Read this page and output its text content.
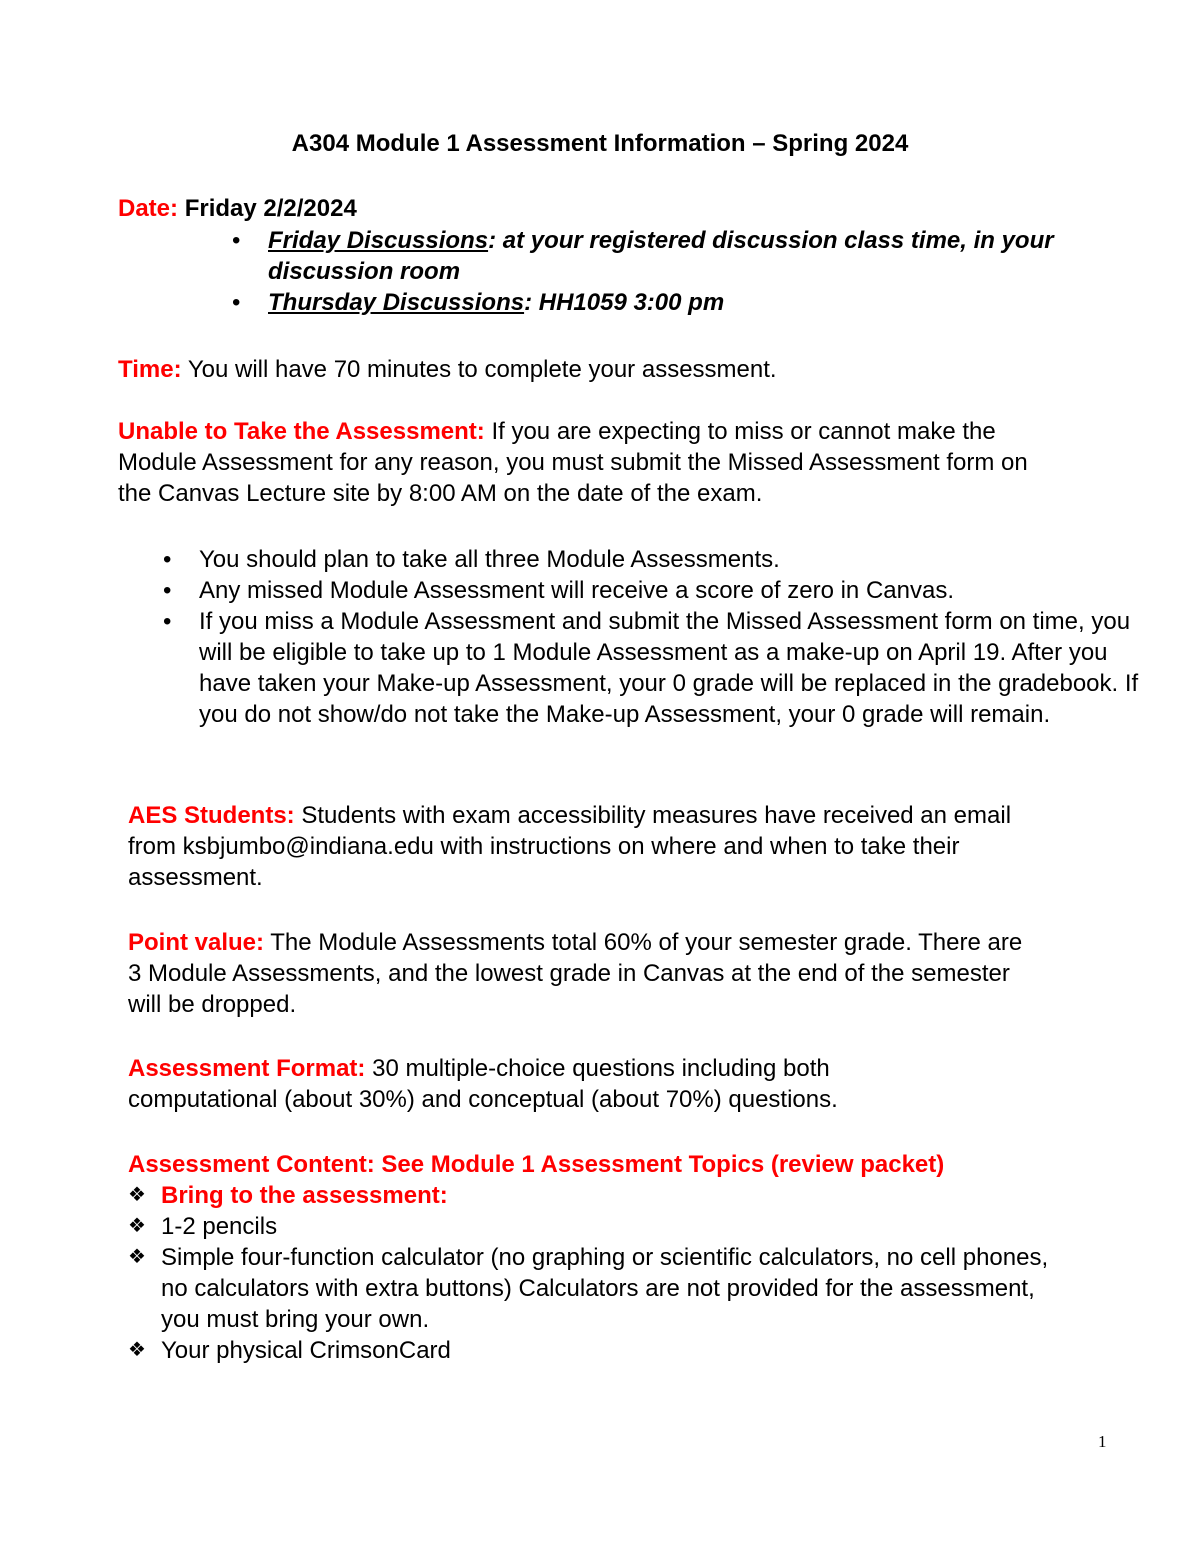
A304 Module 1 Assessment Information – Spring 2024

Date: Friday 2/2/2024

•	Friday Discussions: at your registered discussion class time, in your discussion room
•	Thursday Discussions: HH1059 3:00 pm

Time: You will have 70 minutes to complete your assessment.

Unable to Take the Assessment: If you are expecting to miss or cannot make the Module Assessment for any reason, you must submit the Missed Assessment form on the Canvas Lecture site by 8:00 AM on the date of the exam.

•	You should plan to take all three Module Assessments.
•	Any missed Module Assessment will receive a score of zero in Canvas.
•	If you miss a Module Assessment and submit the Missed Assessment form on time, you will be eligible to take up to 1 Module Assessment as a make-up on April 19. After you have taken your Make-up Assessment, your 0 grade will be replaced in the gradebook. If you do not show/do not take the Make-up Assessment, your 0 grade will remain.

AES Students: Students with exam accessibility measures have received an email from ksbjumbo@indiana.edu with instructions on where and when to take their assessment.

Point value: The Module Assessments total 60% of your semester grade. There are 3 Module Assessments, and the lowest grade in Canvas at the end of the semester will be dropped.

Assessment Format: 30 multiple-choice questions including both computational (about 30%) and conceptual (about 70%) questions.

Assessment Content: See Module 1 Assessment Topics (review packet)

❖ Bring to the assessment:
❖ 1-2 pencils
❖ Simple four-function calculator (no graphing or scientific calculators, no cell phones, no calculators with extra buttons) Calculators are not provided for the assessment, you must bring your own.
❖ Your physical CrimsonCard
1
